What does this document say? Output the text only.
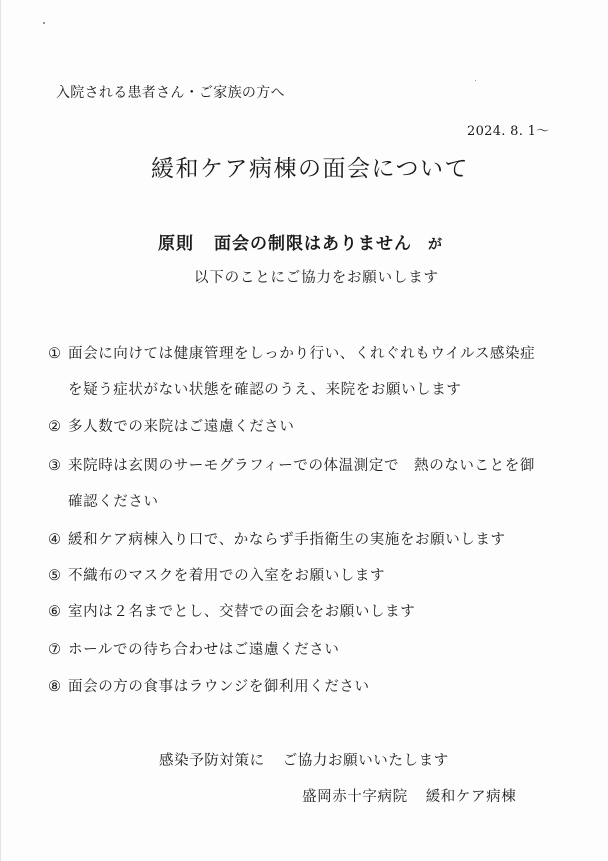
入院される患者さん・ご家族の方へ
2024. 8. 1～
緩和ケア病棟の面会について
原則 面会の制限はありません が
以下のことにご協力をお願いします
① 面会に向けては健康管理をしっかり行い、くれぐれもウイルス感染症
を疑う症状がない状態を確認のうえ、来院をお願いします
② 多人数での来院はご遠慮ください
③ 来院時は玄関のサーモグラフィーでの体温測定で　熱のないことを御
確認ください
④ 緩和ケア病棟入り口で、かならず手指衛生の実施をお願いします
⑤ 不織布のマスクを着用での入室をお願いします
⑥ 室内は２名までとし、交替での面会をお願いします
⑦ ホールでの待ち合わせはご遠慮ください
⑧ 面会の方の食事はラウンジを御利用ください
感染予防対策に ご協力お願いいたします
盛岡赤十字病院 緩和ケア病棟
